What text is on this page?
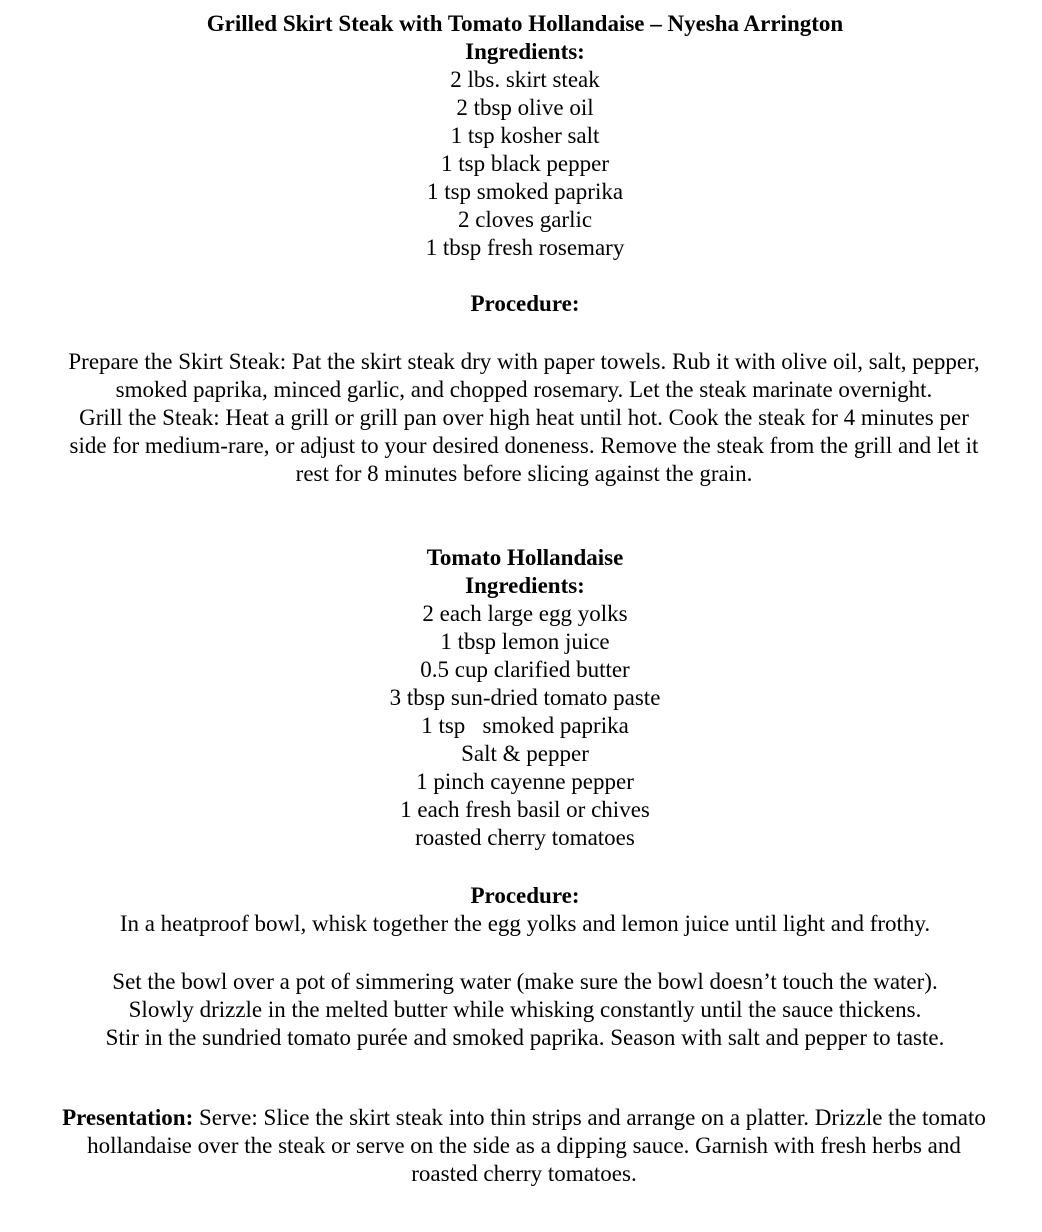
Grilled Skirt Steak with Tomato Hollandaise – Nyesha Arrington
Ingredients:
2 lbs. skirt steak
2 tbsp olive oil
1 tsp kosher salt
1 tsp black pepper
1 tsp smoked paprika
2 cloves garlic
1 tbsp fresh rosemary
Procedure:

Prepare the Skirt Steak: Pat the skirt steak dry with paper towels. Rub it with olive oil, salt, pepper, smoked paprika, minced garlic, and chopped rosemary. Let the steak marinate overnight.

Grill the Steak: Heat a grill or grill pan over high heat until hot. Cook the steak for 4 minutes per side for medium-rare, or adjust to your desired doneness. Remove the steak from the grill and let it rest for 8 minutes before slicing against the grain.

Tomato Hollandaise
Ingredients:
2 each large egg yolks
1 tbsp lemon juice
0.5 cup clarified butter
3 tbsp sun-dried tomato paste
1 tsp   smoked paprika
Salt & pepper
1 pinch cayenne pepper
1 each fresh basil or chives
roasted cherry tomatoes
Procedure:
In a heatproof bowl, whisk together the egg yolks and lemon juice until light and frothy.
Set the bowl over a pot of simmering water (make sure the bowl doesn’t touch the water).
Slowly drizzle in the melted butter while whisking constantly until the sauce thickens.
Stir in the sundried tomato purée and smoked paprika. Season with salt and pepper to taste.

Presentation: Serve: Slice the skirt steak into thin strips and arrange on a platter. Drizzle the tomato hollandaise over the steak or serve on the side as a dipping sauce. Garnish with fresh herbs and roasted cherry tomatoes.
